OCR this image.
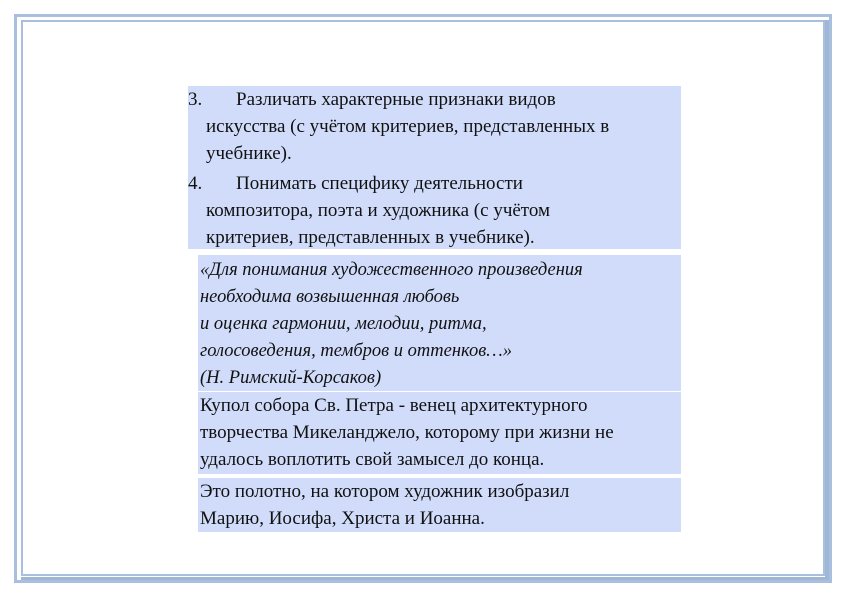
3.	Различать характерные признаки видов
искусства (с учётом критериев, представленных в
учебнике).
4.	Понимать специфику деятельности
композитора, поэта и художника (с учётом
критериев, представленных в учебнике).
«Для понимания художественного произведения
необходима возвышенная любовь
и оценка гармонии, мелодии, ритма,
голосоведения, тембров и оттенков…»
(Н. Римский-Корсаков)
Купол собора Св. Петра - венец архитектурного
творчества Микеланджело, которому при жизни не
удалось воплотить свой замысел до конца.
Это полотно, на котором художник изобразил
Марию, Иосифа, Христа и Иоанна.
